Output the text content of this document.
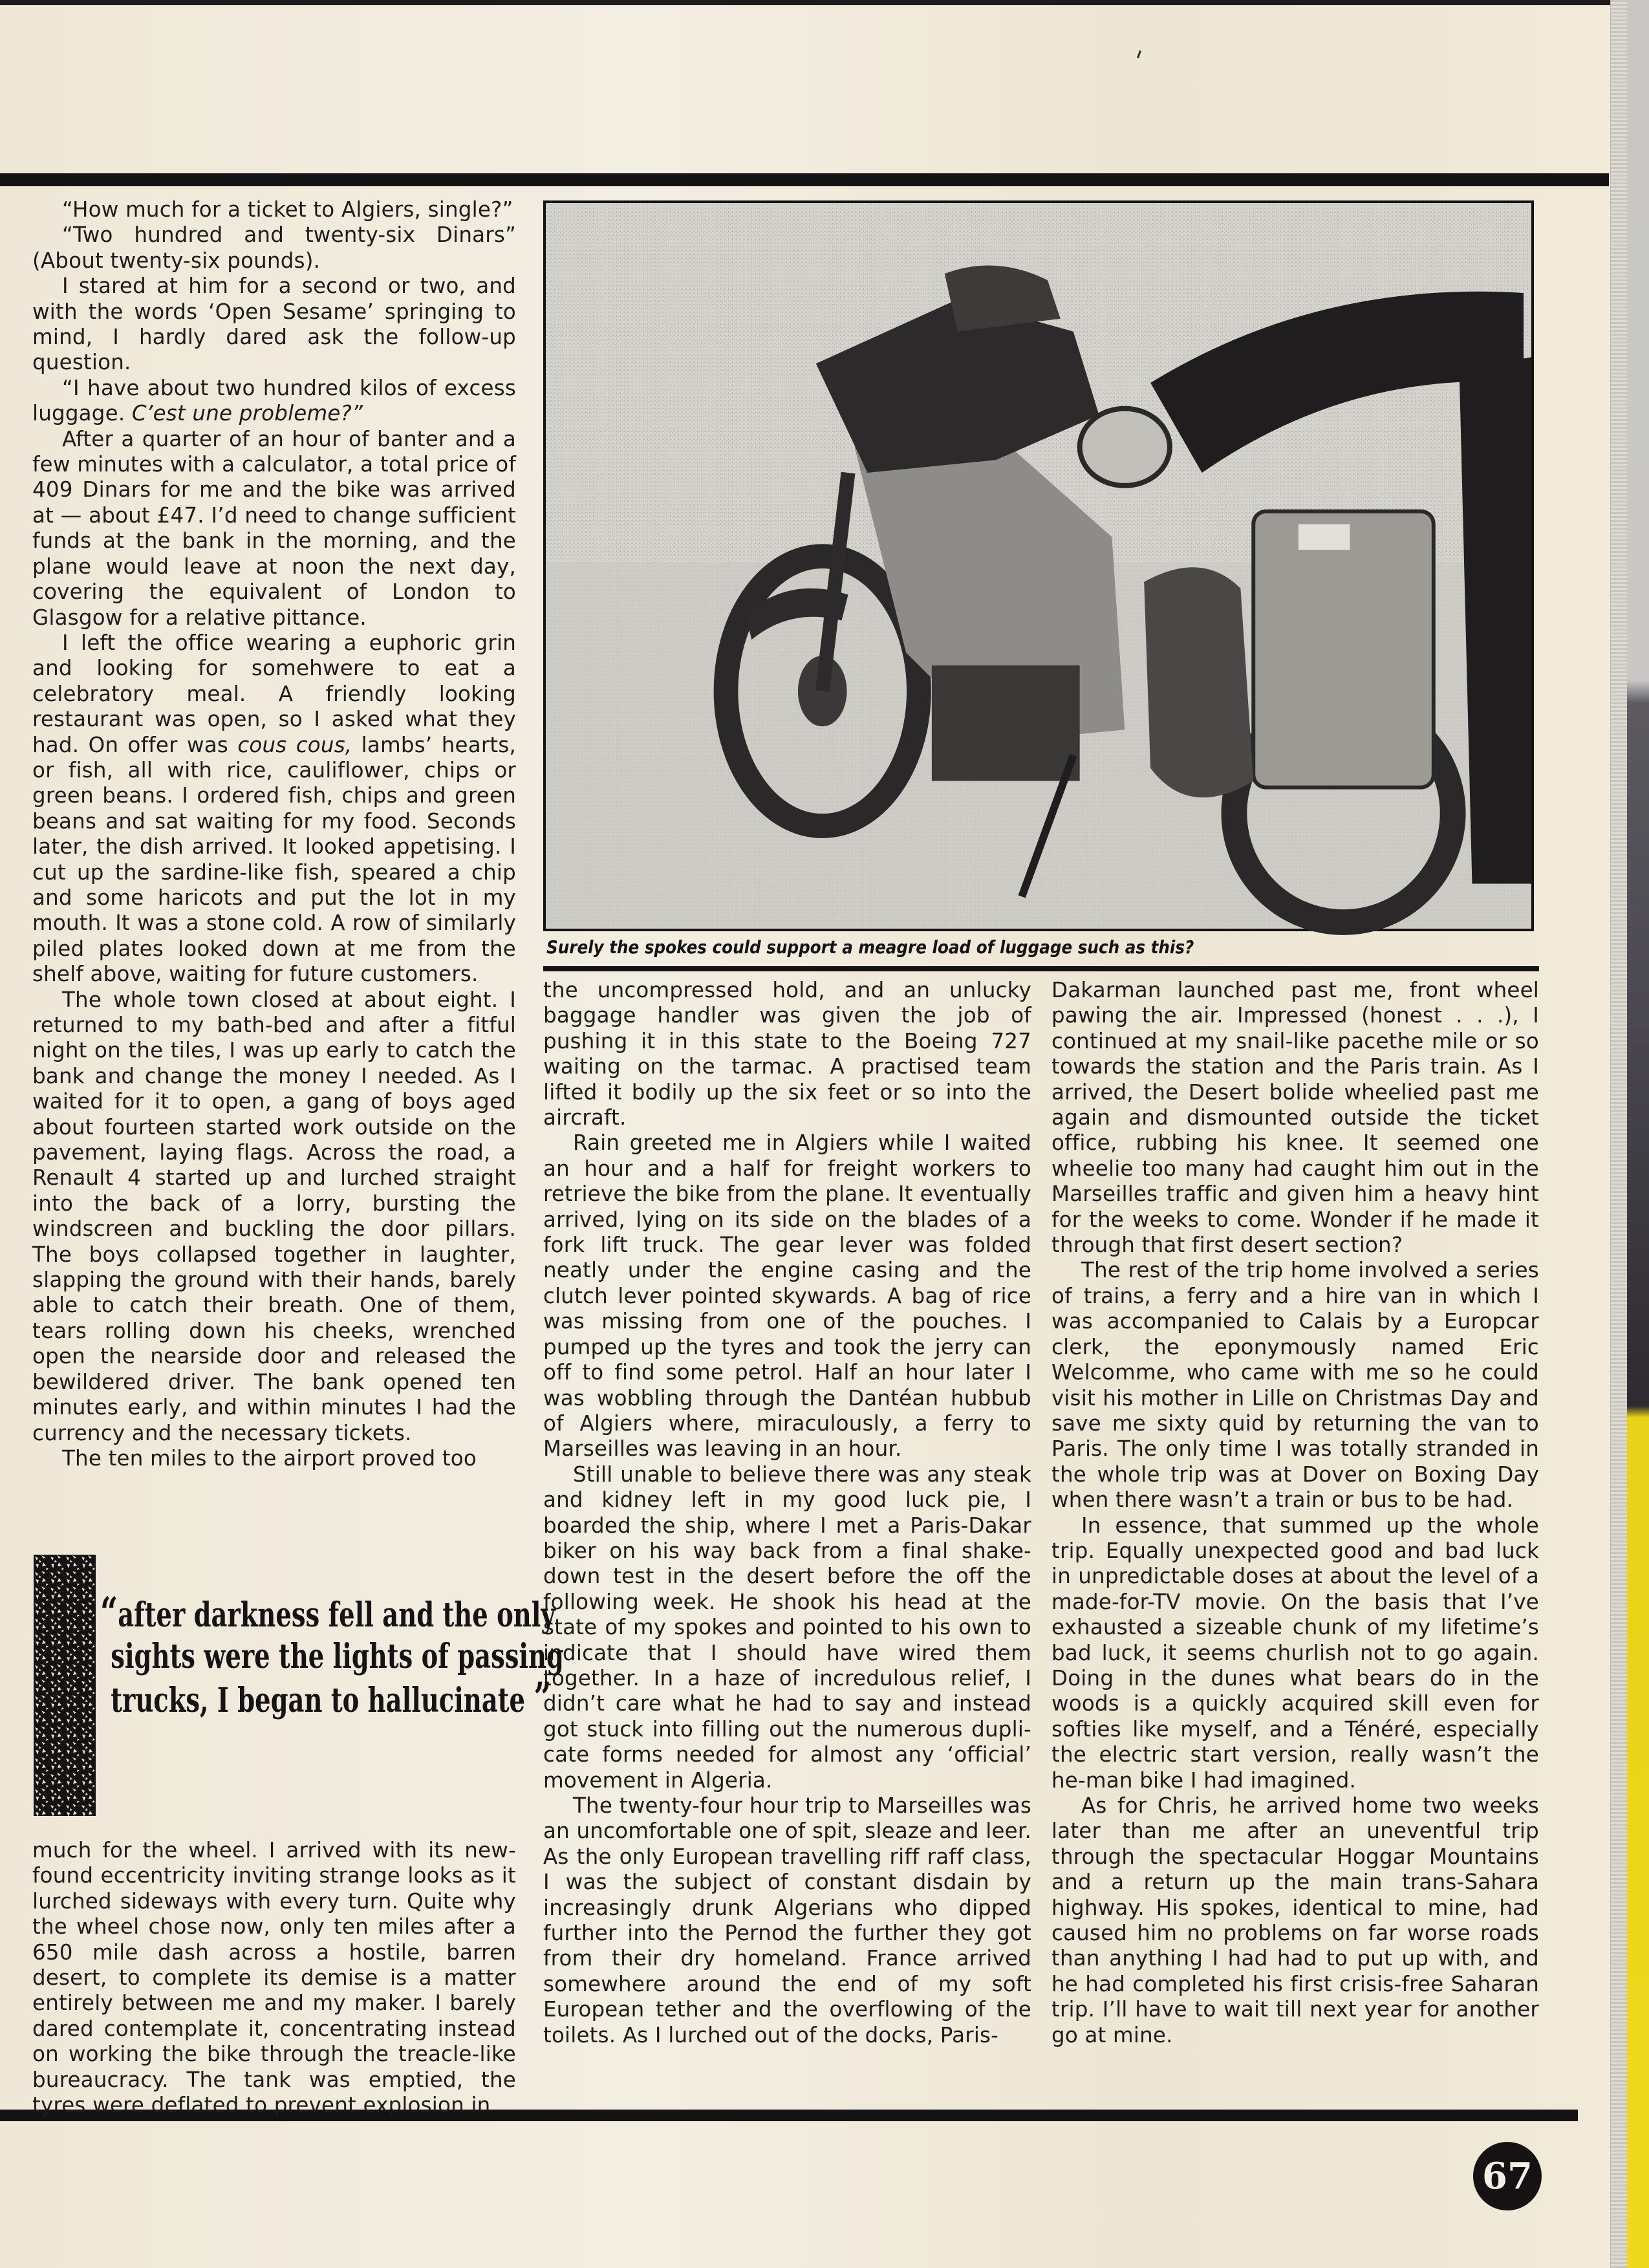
“How much for a ticket to Algiers, single?”

“Two hundred and twenty-six Dinars” (About twenty-six pounds).

I stared at him for a second or two, and with the words ‘Open Sesame’ springing to mind, I hardly dared ask the follow-up question.

“I have about two hundred kilos of excess luggage. C’est une probleme?”

After a quarter of an hour of banter and a few minutes with a calculator, a total price of 409 Dinars for me and the bike was arrived at — about £47. I’d need to change sufficient funds at the bank in the morning, and the plane would leave at noon the next day, covering the equivalent of London to Glasgow for a relative pittance.

I left the office wearing a euphoric grin and looking for somehwere to eat a celebratory meal. A friendly looking restaurant was open, so I asked what they had. On offer was cous cous, lambs’ hearts, or fish, all with rice, cauliflower, chips or green beans. I ordered fish, chips and green beans and sat waiting for my food. Seconds later, the dish arrived. It looked appetising. I cut up the sardine-like fish, speared a chip and some haricots and put the lot in my mouth. It was a stone cold. A row of similarly piled plates looked down at me from the shelf above, waiting for future customers.

The whole town closed at about eight. I returned to my bath-bed and after a fitful night on the tiles, I was up early to catch the bank and change the money I needed. As I waited for it to open, a gang of boys aged about fourteen started work outside on the pavement, laying flags. Across the road, a Renault 4 started up and lurched straight into the back of a lorry, bursting the windscreen and buckling the door pillars. The boys collapsed together in laughter, slapping the ground with their hands, barely able to catch their breath. One of them, tears rolling down his cheeks, wrenched open the nearside door and released the bewildered driver. The bank opened ten minutes early, and within minutes I had the currency and the necessary tickets.

The ten miles to the airport proved too

“after darkness fell and the only
sights were the lights of passing
trucks, I began to hallucinate ”

much for the wheel. I arrived with its new-found eccentricity inviting strange looks as it lurched sideways with every turn. Quite why the wheel chose now, only ten miles after a 650 mile dash across a hostile, barren desert, to complete its demise is a matter entirely between me and my maker. I barely dared contemplate it, concentrating instead on working the bike through the treacle-like bureaucracy. The tank was emptied, the tyres were deflated to prevent explosion in

Surely the spokes could support a meagre load of luggage such as this?

the uncompressed hold, and an unlucky baggage handler was given the job of pushing it in this state to the Boeing 727 waiting on the tarmac. A practised team lifted it bodily up the six feet or so into the aircraft.

Rain greeted me in Algiers while I waited an hour and a half for freight workers to retrieve the bike from the plane. It eventually arrived, lying on its side on the blades of a fork lift truck. The gear lever was folded neatly under the engine casing and the clutch lever pointed skywards. A bag of rice was missing from one of the pouches. I pumped up the tyres and took the jerry can off to find some petrol. Half an hour later I was wobbling through the Dantéan hubbub of Algiers where, miraculously, a ferry to Marseilles was leaving in an hour.

Still unable to believe there was any steak and kidney left in my good luck pie, I boarded the ship, where I met a Paris-Dakar biker on his way back from a final shake-down test in the desert before the off the following week. He shook his head at the state of my spokes and pointed to his own to indicate that I should have wired them together. In a haze of incredulous relief, I didn’t care what he had to say and instead got stuck into filling out the numerous dupli-cate forms needed for almost any ‘official’ movement in Algeria.

The twenty-four hour trip to Marseilles was an uncomfortable one of spit, sleaze and leer. As the only European travelling riff raff class, I was the subject of constant disdain by increasingly drunk Algerians who dipped further into the Pernod the further they got from their dry homeland. France arrived somewhere around the end of my soft European tether and the overflowing of the toilets. As I lurched out of the docks, Paris-

Dakarman launched past me, front wheel pawing the air. Impressed (honest . . .), I continued at my snail-like pacethe mile or so towards the station and the Paris train. As I arrived, the Desert bolide wheelied past me again and dismounted outside the ticket office, rubbing his knee. It seemed one wheelie too many had caught him out in the Marseilles traffic and given him a heavy hint for the weeks to come. Wonder if he made it through that first desert section?

The rest of the trip home involved a series of trains, a ferry and a hire van in which I was accompanied to Calais by a Europcar clerk, the eponymously named Eric Welcomme, who came with me so he could visit his mother in Lille on Christmas Day and save me sixty quid by returning the van to Paris. The only time I was totally stranded in the whole trip was at Dover on Boxing Day when there wasn’t a train or bus to be had.

In essence, that summed up the whole trip. Equally unexpected good and bad luck in unpredictable doses at about the level of a made-for-TV movie. On the basis that I’ve exhausted a sizeable chunk of my lifetime’s bad luck, it seems churlish not to go again. Doing in the dunes what bears do in the woods is a quickly acquired skill even for softies like myself, and a Ténéré, especially the electric start version, really wasn’t the he-man bike I had imagined.

As for Chris, he arrived home two weeks later than me after an uneventful trip through the spectacular Hoggar Mountains and a return up the main trans-Sahara highway. His spokes, identical to mine, had caused him no problems on far worse roads than anything I had had to put up with, and he had completed his first crisis-free Saharan trip. I’ll have to wait till next year for another go at mine.

67
